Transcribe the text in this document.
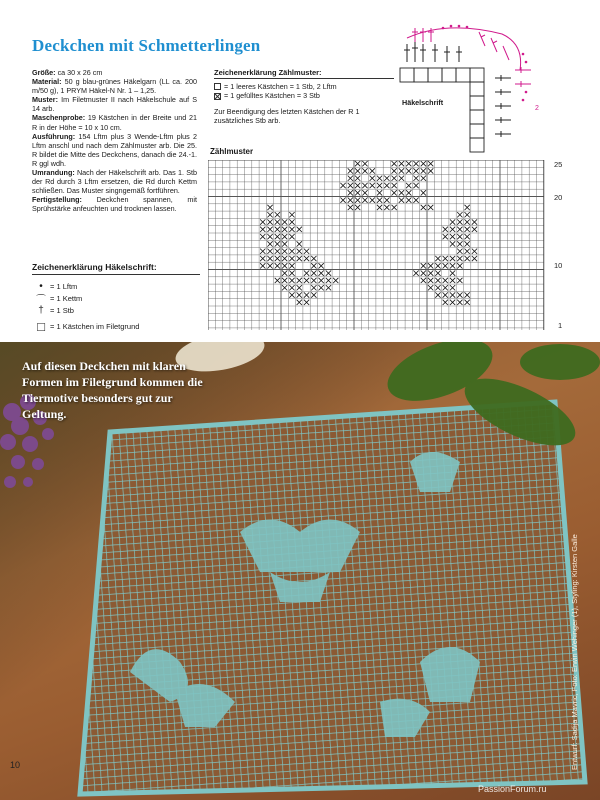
Deckchen mit Schmetterlingen

Größe: ca 30 x 26 cm

Material: 50 g blau-grünes Häkelgarn (LL ca. 200 m/50 g), 1 PRYM Häkel-N Nr. 1 – 1,25.

Muster: Im Filetmuster II nach Häkelschule auf S 14 arb.

Maschenprobe: 19 Kästchen in der Breite und 21 R in der Höhe = 10 x 10 cm.

Ausführung: 154 Lftm plus 3 Wende-Lftm plus 2 Lftm anschl und nach dem Zählmuster arb. Die 25. R bildet die Mitte des Deckchens, danach die 24.-1. R ggl wdh.

Umrandung: Nach der Häkelschrift arb. Das 1. Stb der Rd durch 3 Lftm ersetzen, die Rd durch Kettm schließen. Das Muster singngemäß fortführen.

Fertigstellung: Deckchen spannen, mit Sprühstärke anfeuchten und trocknen lassen.

Zeichenerklärung Häkelschrift:
• = 1 Lftm
⌒ = 1 Kettm
† = 1 Stb
□ = 1 Kästchen im Filetgrund
Zeichenerklärung Zählmuster:
= 1 leeres Kästchen = 1 Stb, 2 Lftm
= 1 gefülltes Kästchen = 3 Stb
Zur Beendigung des letzten Kästchen der R 1 zusätzliches Stb arb.
2
Häkelschrift
Zählmuster
25
20
10
1
Auf diesen Deckchen mit klaren Formen im Filetgrund kommen die Tiermotive besonders gut zur Geltung.
Entwurf: Sadija Mavric, Foto: Erwin Wehinger (1), Styling: Kirsten Galle
10
PassionForum.ru
